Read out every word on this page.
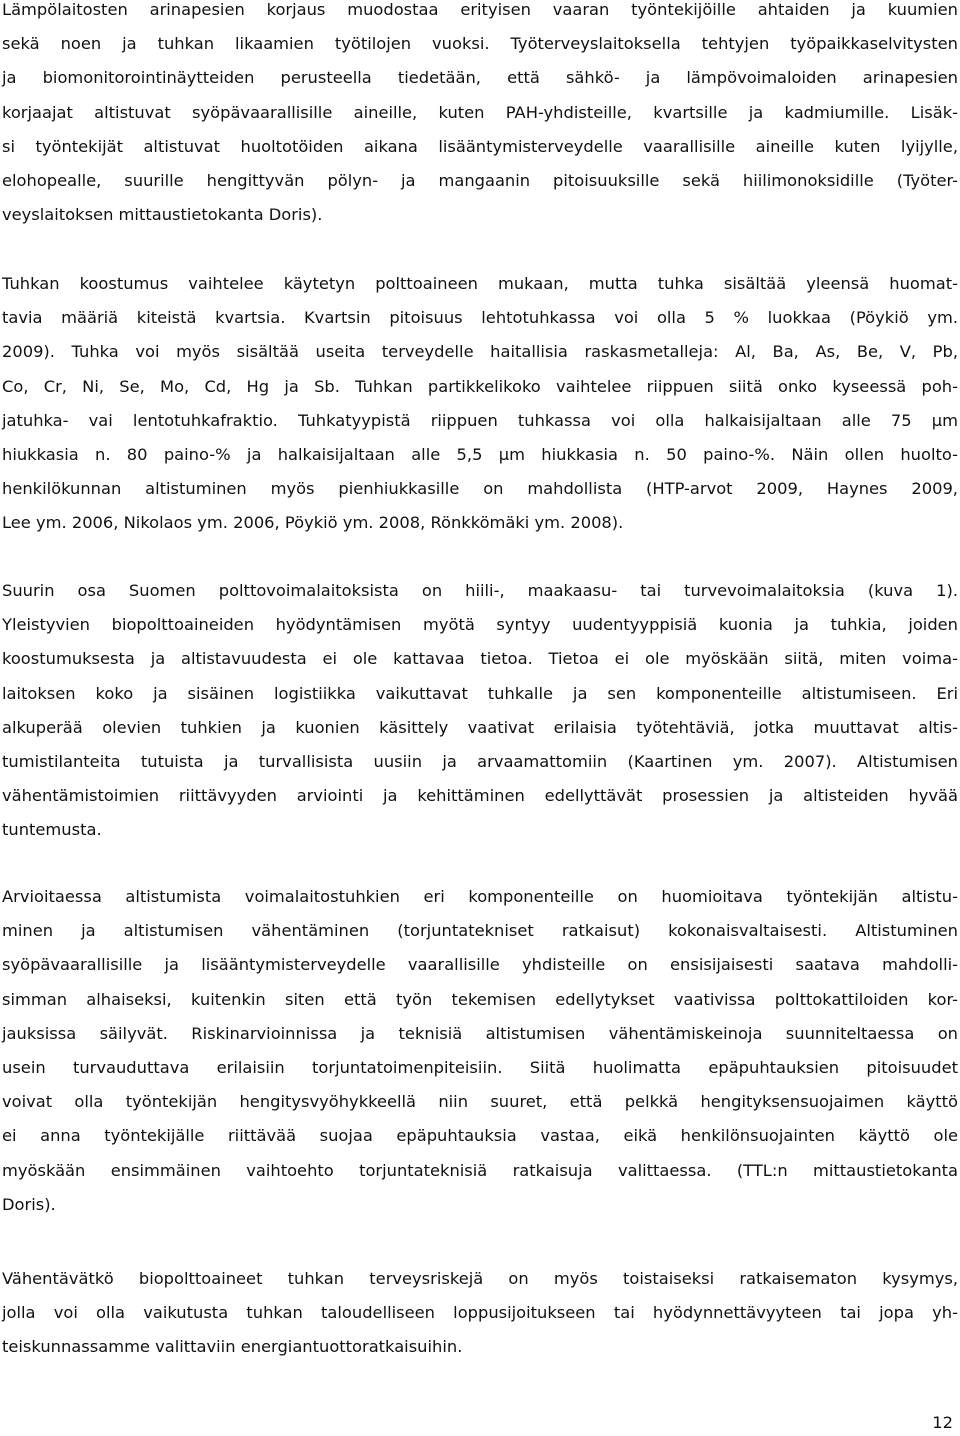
Lämpölaitosten arinapesien korjaus muodostaa erityisen vaaran työntekijöille ahtaiden ja kuumien
sekä noen ja tuhkan likaamien työtilojen vuoksi. Työterveyslaitoksella tehtyjen työpaikkaselvitysten
ja biomonitorointinäytteiden perusteella tiedetään, että sähkö- ja lämpövoimaloiden arinapesien
korjaajat altistuvat syöpävaarallisille aineille, kuten PAH-yhdisteille, kvartsille ja kadmiumille. Lisäk-
si työntekijät altistuvat huoltotöiden aikana lisääntymisterveydelle vaarallisille aineille kuten lyijylle,
elohopealle, suurille hengittyvän pölyn- ja mangaanin pitoisuuksille sekä hiilimonoksidille (Työter-
veyslaitoksen mittaustietokanta Doris).
Tuhkan koostumus vaihtelee käytetyn polttoaineen mukaan, mutta tuhka sisältää yleensä huomat-
tavia määriä kiteistä kvartsia. Kvartsin pitoisuus lehtotuhkassa voi olla 5 % luokkaa (Pöykiö ym.
2009). Tuhka voi myös sisältää useita terveydelle haitallisia raskasmetalleja: Al, Ba, As, Be, V, Pb,
Co, Cr, Ni, Se, Mo, Cd, Hg ja Sb. Tuhkan partikkelikoko vaihtelee riippuen siitä onko kyseessä poh-
jatuhka- vai lentotuhkafraktio. Tuhkatyypistä riippuen tuhkassa voi olla halkaisijaltaan alle 75 µm
hiukkasia n. 80 paino-% ja halkaisijaltaan alle 5,5 µm hiukkasia n. 50 paino-%. Näin ollen huolto-
henkilökunnan altistuminen myös pienhiukkasille on mahdollista (HTP-arvot 2009, Haynes 2009,
Lee ym. 2006, Nikolaos ym. 2006, Pöykiö ym. 2008, Rönkkömäki ym. 2008).
Suurin osa Suomen polttovoimalaitoksista on hiili-, maakaasu- tai turvevoimalaitoksia (kuva 1).
Yleistyvien biopolttoaineiden hyödyntämisen myötä syntyy uudentyyppisiä kuonia ja tuhkia, joiden
koostumuksesta ja altistavuudesta ei ole kattavaa tietoa. Tietoa ei ole myöskään siitä, miten voima-
laitoksen koko ja sisäinen logistiikka vaikuttavat tuhkalle ja sen komponenteille altistumiseen. Eri
alkuperää olevien tuhkien ja kuonien käsittely vaativat erilaisia työtehtäviä, jotka muuttavat altis-
tumistilanteita tutuista ja turvallisista uusiin ja arvaamattomiin (Kaartinen ym. 2007). Altistumisen
vähentämistoimien riittävyyden arviointi ja kehittäminen edellyttävät prosessien ja altisteiden hyvää
tuntemusta.
Arvioitaessa altistumista voimalaitostuhkien eri komponenteille on huomioitava työntekijän altistu-
minen ja altistumisen vähentäminen (torjuntatekniset ratkaisut) kokonaisvaltaisesti. Altistuminen
syöpävaarallisille ja lisääntymisterveydelle vaarallisille yhdisteille on ensisijaisesti saatava mahdolli-
simman alhaiseksi, kuitenkin siten että työn tekemisen edellytykset vaativissa polttokattiloiden kor-
jauksissa säilyvät. Riskinarvioinnissa ja teknisiä altistumisen vähentämiskeinoja suunniteltaessa on
usein turvauduttava erilaisiin torjuntatoimenpiteisiin. Siitä huolimatta epäpuhtauksien pitoisuudet
voivat olla työntekijän hengitysvyöhykkeellä niin suuret, että pelkkä hengityksensuojaimen käyttö
ei anna työntekijälle riittävää suojaa epäpuhtauksia vastaa, eikä henkilönsuojainten käyttö ole
myöskään ensimmäinen vaihtoehto torjuntateknisiä ratkaisuja valittaessa. (TTL:n mittaustietokanta
Doris).
Vähentävätkö biopolttoaineet tuhkan terveysriskejä on myös toistaiseksi ratkaisematon kysymys,
jolla voi olla vaikutusta tuhkan taloudelliseen loppusijoitukseen tai hyödynnettävyyteen tai jopa yh-
teiskunnassamme valittaviin energiantuottoratkaisuihin.
12
